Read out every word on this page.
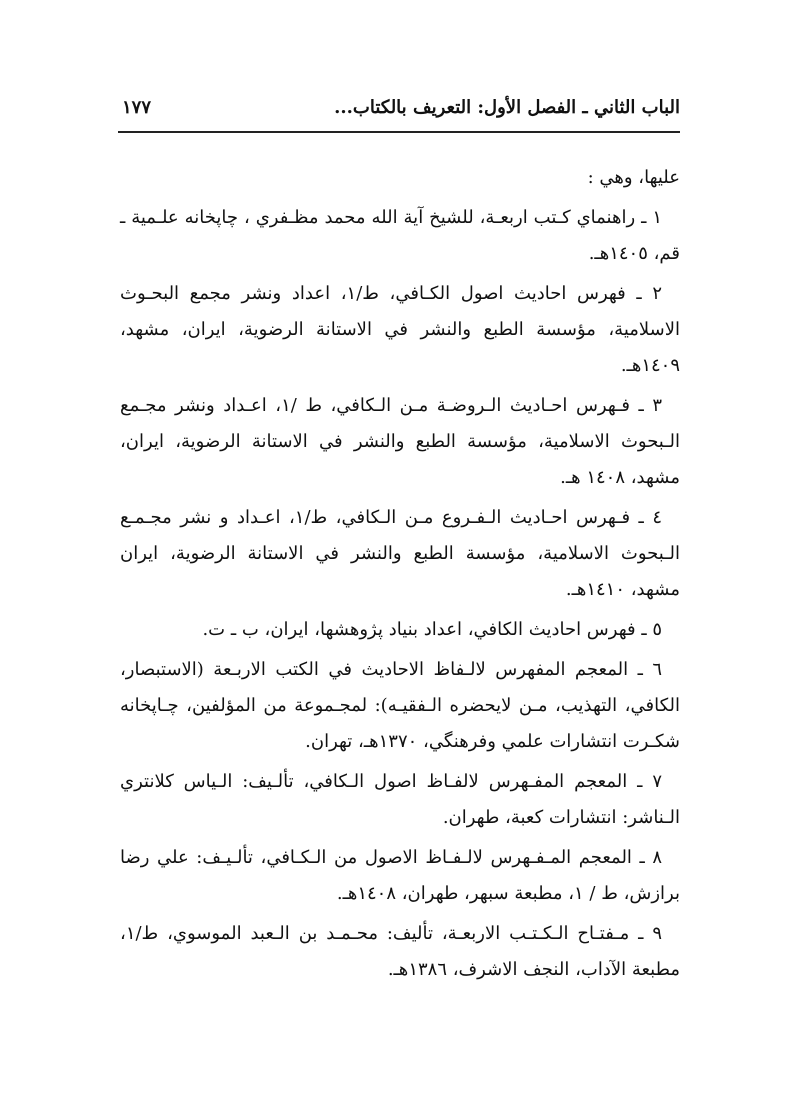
الباب الثاني ـ الفصل الأول: التعريف بالكتاب...
١٧٧

عليها، وهي :

١ ـ راهنماي كـتب اربعـة، للشيخ آية الله محمد مظـفري ، چاپخانه علـمية ـ قم، ١٤٠٥هـ.

٢ ـ فهرس احاديث اصول الكـافي، ط/١، اعداد ونشر مجمع البحـوث الاسلامية، مؤسسة الطبع والنشر في الاستانة الرضوية، ايران، مشهد، ١٤٠٩هـ.

٣ ـ فـهرس احـاديث الـروضـة مـن الـكافي، ط /١، اعـداد ونشر مجـمع الـبحوث الاسلامية، مؤسسة الطبع والنشر في الاستانة الرضوية، ايران، مشهد، ١٤٠٨ هـ.

٤ ـ فـهرس احـاديث الـفـروع مـن الـكافي، ط/١، اعـداد و نشر مجـمـع الـبحوث الاسلامية، مؤسسة الطبع والنشر في الاستانة الرضوية، ايران مشهد، ١٤١٠هـ.

٥ ـ فهرس احاديث الكافي، اعداد بنياد پژوهشها، ايران، ب ـ ت.

٦ ـ المعجم المفهرس لالـفاظ الاحاديث في الكتب الاربـعة (الاستبصار، الكافي، التهذيب، مـن لايحضره الـفقيـه): لمجـموعة من المؤلفين، چـاپخانه شكـرت انتشارات علمي وفرهنگي، ١٣٧٠هـ، تهران.

٧ ـ المعجم المفـهرس لالفـاظ اصول الـكافي، تألـيف: الـياس كلانتري الـناشر: انتشارات كعبة، طهران.

٨ ـ المعجم المـفـهرس لالـفـاظ الاصول من الـكـافي، تألـيـف: علي رضا برازش، ط / ١، مطبعة سبهر، طهران، ١٤٠٨هـ.

٩ ـ مـفتـاح الـكـتـب الاربعـة، تأليف: محـمـد بن الـعبد الموسوي، ط/١، مطبعة الآداب، النجف الاشرف، ١٣٨٦هـ.
